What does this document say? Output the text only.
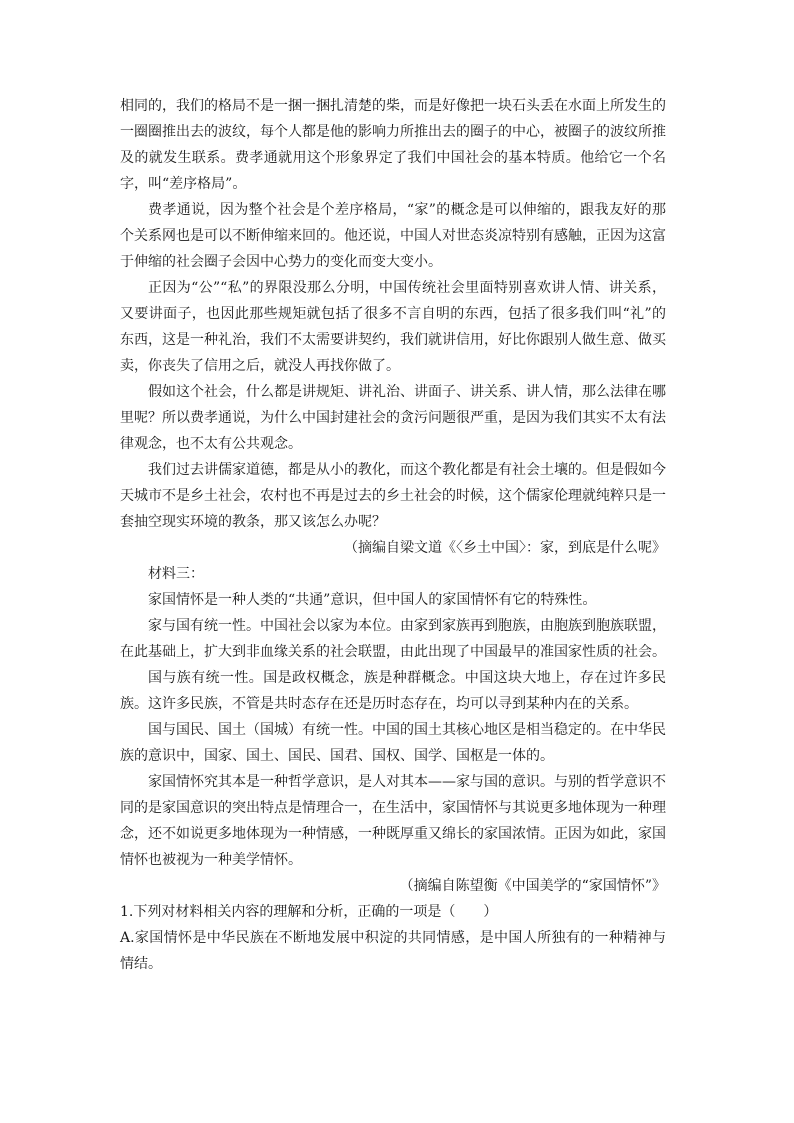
相同的，我们的格局不是一捆一捆扎清楚的柴，而是好像把一块石头丢在水面上所发生的一圈圈推出去的波纹，每个人都是他的影响力所推出去的圈子的中心，被圈子的波纹所推及的就发生联系。费孝通就用这个形象界定了我们中国社会的基本特质。他给它一个名字，叫“差序格局”。

费孝通说，因为整个社会是个差序格局，“家”的概念是可以伸缩的，跟我友好的那个关系网也是可以不断伸缩来回的。他还说，中国人对世态炎凉特别有感触，正因为这富于伸缩的社会圈子会因中心势力的变化而变大变小。

正因为“公”“私”的界限没那么分明，中国传统社会里面特别喜欢讲人情、讲关系，又要讲面子，也因此那些规矩就包括了很多不言自明的东西，包括了很多我们叫“礼”的东西，这是一种礼治，我们不太需要讲契约，我们就讲信用，好比你跟别人做生意、做买卖，你丧失了信用之后，就没人再找你做了。

假如这个社会，什么都是讲规矩、讲礼治、讲面子、讲关系、讲人情，那么法律在哪里呢？所以费孝通说，为什么中国封建社会的贪污问题很严重，是因为我们其实不太有法律观念，也不太有公共观念。

我们过去讲儒家道德，都是从小的教化，而这个教化都是有社会土壤的。但是假如今天城市不是乡土社会，农村也不再是过去的乡土社会的时候，这个儒家伦理就纯粹只是一套抽空现实环境的教条，那又该怎么办呢？

（摘编自梁文道《〈乡土中国〉：家，到底是什么呢》

材料三：

家国情怀是一种人类的“共通”意识，但中国人的家国情怀有它的特殊性。

家与国有统一性。中国社会以家为本位。由家到家族再到胞族，由胞族到胞族联盟，在此基础上，扩大到非血缘关系的社会联盟，由此出现了中国最早的准国家性质的社会。

国与族有统一性。国是政权概念，族是种群概念。中国这块大地上，存在过许多民族。这许多民族，不管是共时态存在还是历时态存在，均可以寻到某种内在的关系。

国与国民、国土（国城）有统一性。中国的国土其核心地区是相当稳定的。在中华民族的意识中，国家、国土、国民、国君、国权、国学、国枢是一体的。

家国情怀究其本是一种哲学意识，是人对其本——家与国的意识。与别的哲学意识不同的是家国意识的突出特点是情理合一，在生活中，家国情怀与其说更多地体现为一种理念，还不如说更多地体现为一种情感，一种既厚重又绵长的家国浓情。正因为如此，家国情怀也被视为一种美学情怀。

（摘编自陈望衡《中国美学的“家国情怀”》

1.下列对材料相关内容的理解和分析，正确的一项是（　　）

A.家国情怀是中华民族在不断地发展中积淀的共同情感，是中国人所独有的一种精神与情结。
